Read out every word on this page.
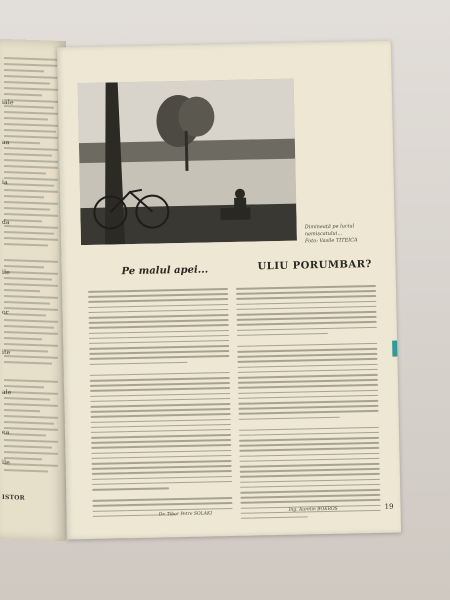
iale
aa
ia
da
ile
or
ite
ale
ea
ile
ISTOR
Dimineață pe luciul
nemișcatului...
Foto: Vasile TITEICA
Pe malul apei...	ULIU PORUMBAR?
Dr. Tibor Petre SOLAKI
Ing. Aurelin BOEROS	19
